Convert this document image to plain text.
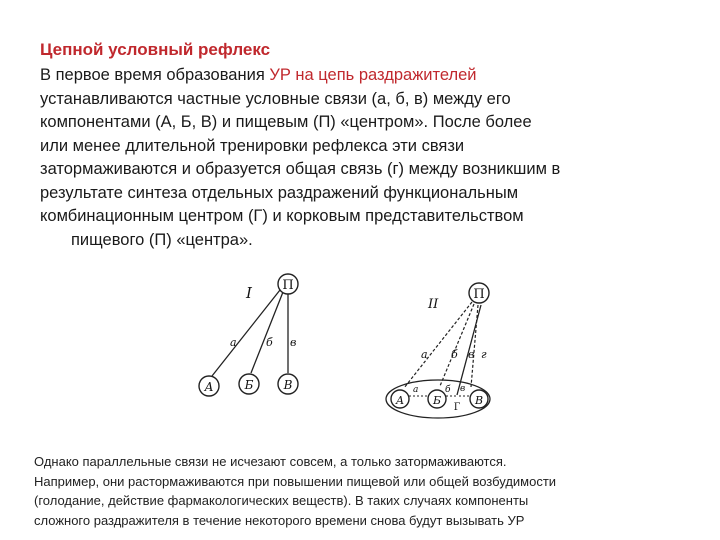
Цепной условный рефлекс
В первое время образования УР на цепь раздражителей
устанавливаются частные условные связи (а, б, в) между его
компонентами (А, Б, В) и пищевым (П) «центром». После более
или менее длительной тренировки рефлекса эти связи
затормаживаются и образуется общая связь (г) между возникшим в
результате синтеза отдельных раздражений функциональным
комбинационным центром (Г) и корковым представительством
пищевого (П) «центра».
I П
а	б в
А	Б	В
II
П
а б в г
а	б в
Г
А	Б	В
Однако параллельные связи не исчезают совсем, а только затормаживаются.
Например, они растормаживаются при повышении пищевой или общей возбудимости
(голодание, действие фармакологических веществ). В таких случаях компоненты
сложного раздражителя в течение некоторого времени снова будут вызывать УР
